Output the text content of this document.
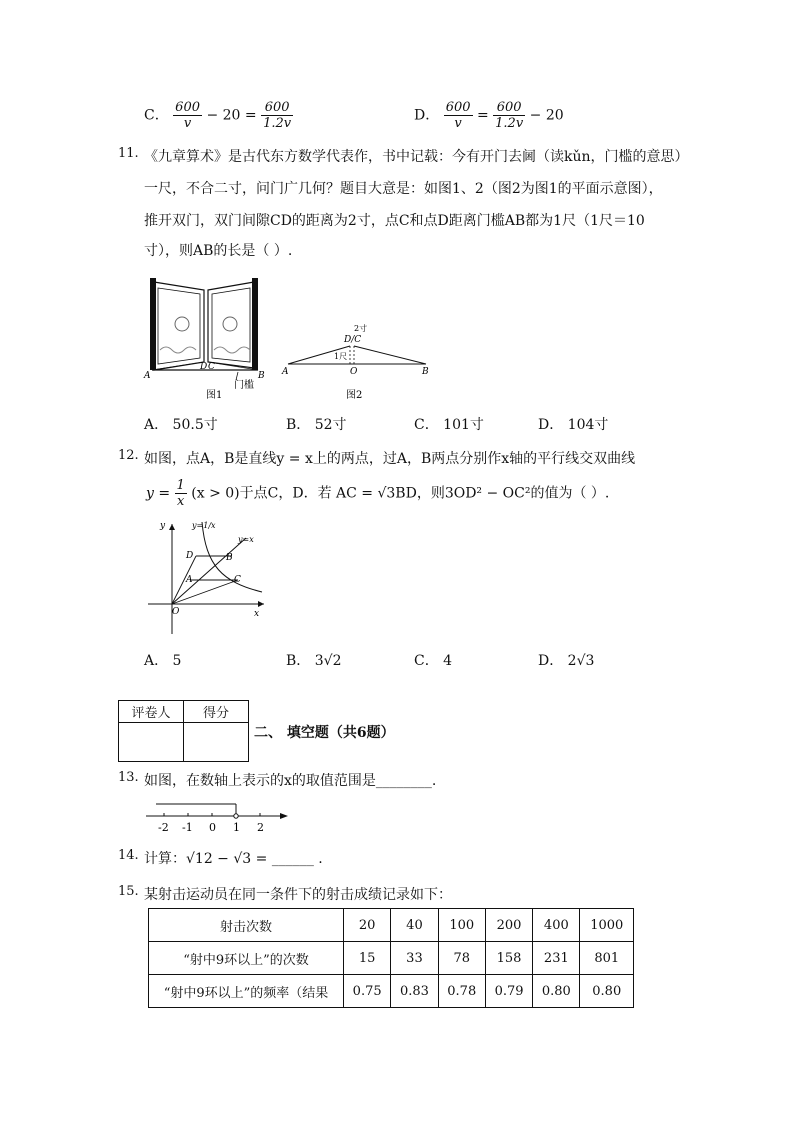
C． $\frac{600}{v} - 20 = \frac{600}{1.2v}$	D． $\frac{600}{v} = \frac{600}{1.2v} - 20$
11. 《九章算术》是古代东方数学代表作，书中记载：今有开门去阃（读kǔn，门槛的意思）
一尺，不合二寸，问门广几何？题目大意是：如图1、2（图2为图1的平面示意图），
推开双门，双门间隙CD的距离为2寸，点C和点D距离门槛AB都为1尺（1尺＝10
寸），则AB的长是（ ）.
A
D C
B
门槛
图1
A	O	B
D/C
2寸
1尺
图2
A． 50.5寸	B． 52寸	C． 101寸	D． 104寸
12. 如图，点A，B是直线y = x上的两点，过A，B两点分别作x轴的平行线交双曲线
$y = \frac{1}{x} (x > 0)$于点C，D．若 AC = √3BD，则3OD² − OC²的值为（ ）.
y
x
O
D	B
A	C
y=1/x
y=x
A． 5	B． 3√2	C． 4	D． 2√3
评卷人	得分

二、 填空题（共6题）
13. 如图，在数轴上表示的x的取值范围是________.
-2 -1 0 1 2
14. 计算：√12 − √3 = ______ .
15. 某射击运动员在同一条件下的射击成绩记录如下：
射击次数	20	40	100	200	400	1000
“射中9环以上”的次数	15	33	78	158	231	801
“射中9环以上”的频率（结果	0.75	0.83	0.78	0.79	0.80	0.80
